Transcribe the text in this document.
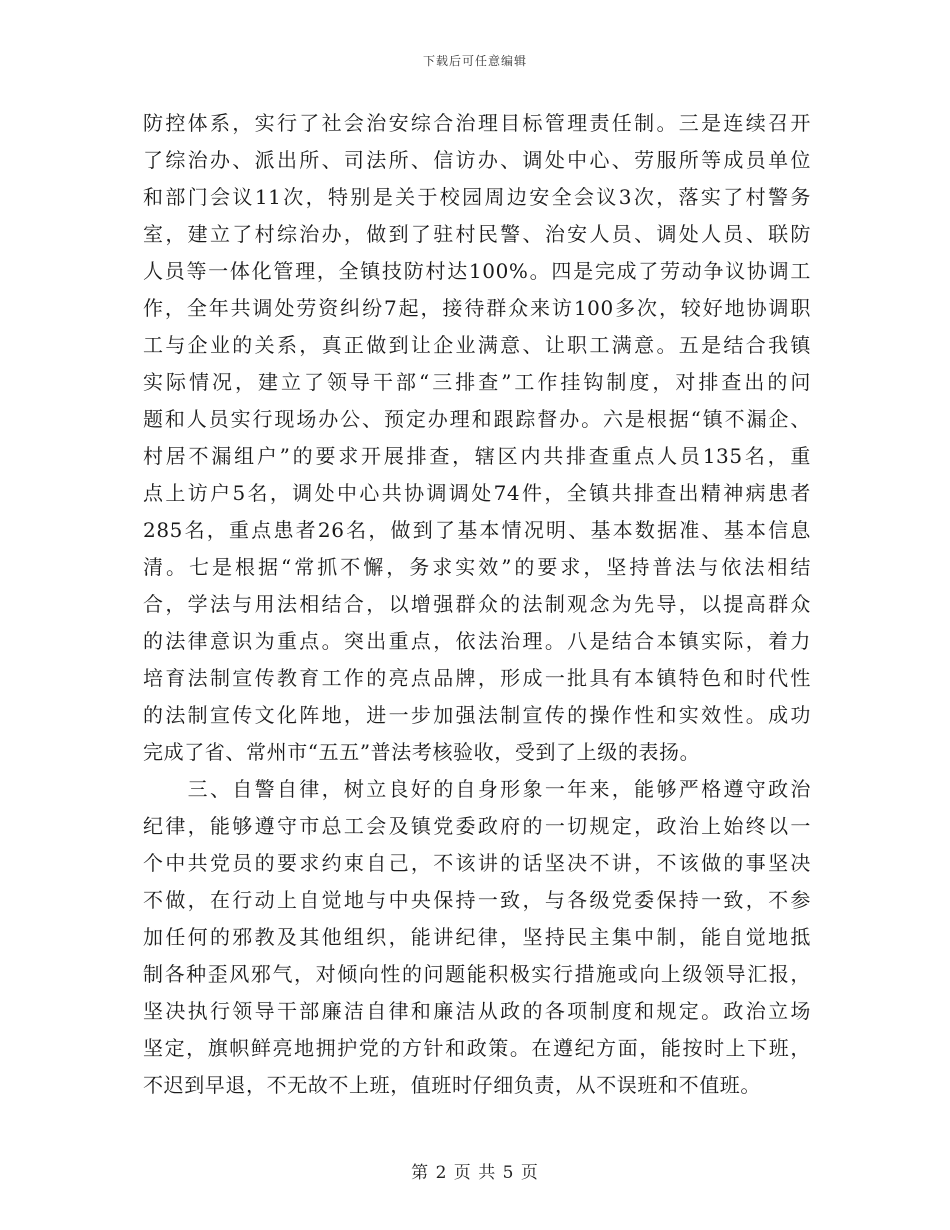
下载后可任意编辑
防控体系，实行了社会治安综合治理目标管理责任制。三是连续召开
了综治办、派出所、司法所、信访办、调处中心、劳服所等成员单位
和部门会议11次，特别是关于校园周边安全会议3次，落实了村警务
室，建立了村综治办，做到了驻村民警、治安人员、调处人员、联防
人员等一体化管理，全镇技防村达100%。四是完成了劳动争议协调工
作，全年共调处劳资纠纷7起，接待群众来访100多次，较好地协调职
工与企业的关系，真正做到让企业满意、让职工满意。五是结合我镇
实际情况，建立了领导干部“三排查”工作挂钩制度，对排查出的问
题和人员实行现场办公、预定办理和跟踪督办。六是根据“镇不漏企、
村居不漏组户”的要求开展排查，辖区内共排查重点人员135名，重
点上访户5名，调处中心共协调调处74件，全镇共排查出精神病患者
285名，重点患者26名，做到了基本情况明、基本数据准、基本信息
清。七是根据“常抓不懈，务求实效”的要求，坚持普法与依法相结
合，学法与用法相结合，以增强群众的法制观念为先导，以提高群众
的法律意识为重点。突出重点，依法治理。八是结合本镇实际，着力
培育法制宣传教育工作的亮点品牌，形成一批具有本镇特色和时代性
的法制宣传文化阵地，进一步加强法制宣传的操作性和实效性。成功
完成了省、常州市“五五”普法考核验收，受到了上级的表扬。
　　三、自警自律，树立良好的自身形象一年来，能够严格遵守政治
纪律，能够遵守市总工会及镇党委政府的一切规定，政治上始终以一
个中共党员的要求约束自己，不该讲的话坚决不讲，不该做的事坚决
不做，在行动上自觉地与中央保持一致，与各级党委保持一致，不参
加任何的邪教及其他组织，能讲纪律，坚持民主集中制，能自觉地抵
制各种歪风邪气，对倾向性的问题能积极实行措施或向上级领导汇报，
坚决执行领导干部廉洁自律和廉洁从政的各项制度和规定。政治立场
坚定，旗帜鲜亮地拥护党的方针和政策。在遵纪方面，能按时上下班，
不迟到早退，不无故不上班，值班时仔细负责，从不误班和不值班。
第 2 页 共 5 页
